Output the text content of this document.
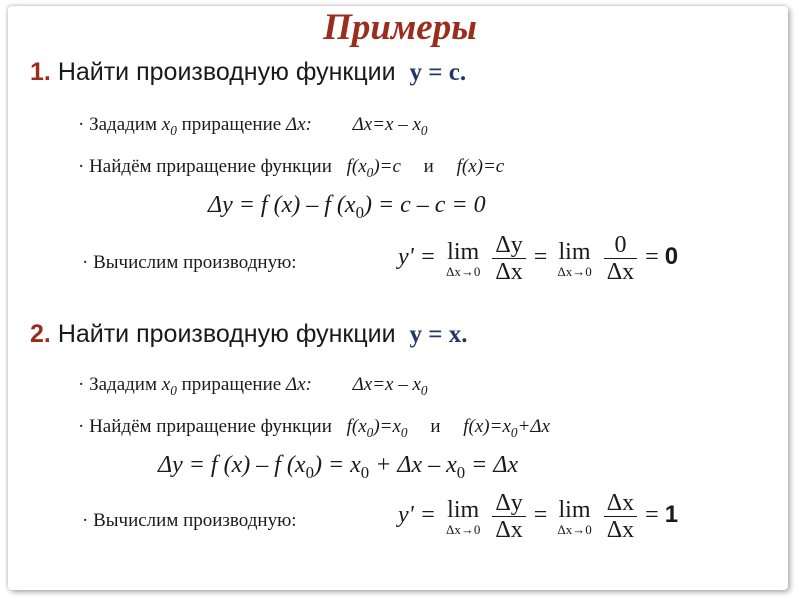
Примеры
1. Найти производную функции y = c.
· Зададим $x_0$ приращение Δx: $\Delta x=x - x_0$
· Найдём приращение функции $f(x_0)=c$ и f(x)=c
Δy = f (x) – f $(x_0) = c - c = 0$
· Вычислим производную:	y' = lim
Δx→0
$\frac{\Delta y}{\Delta x} = \lim$
Δx→0
$\frac{0}{\Delta x} = 0$
2. Найти производную функции y = x.
· Зададим $x_0$ приращение Δx: $\Delta x=x - x_0$
· Найдём приращение функции $f(x_0)=x_0$ и $f(x)=x_0+\Delta x$
Δy = f (x) – f $(x_0) = x_0 + \Delta x - x_0 = \Delta x$
· Вычислим производную:	y' = lim
Δx→0
$\frac{\Delta y}{\Delta x} = \lim$
Δx→0
$\frac{\Delta x}{\Delta x} = 1$
